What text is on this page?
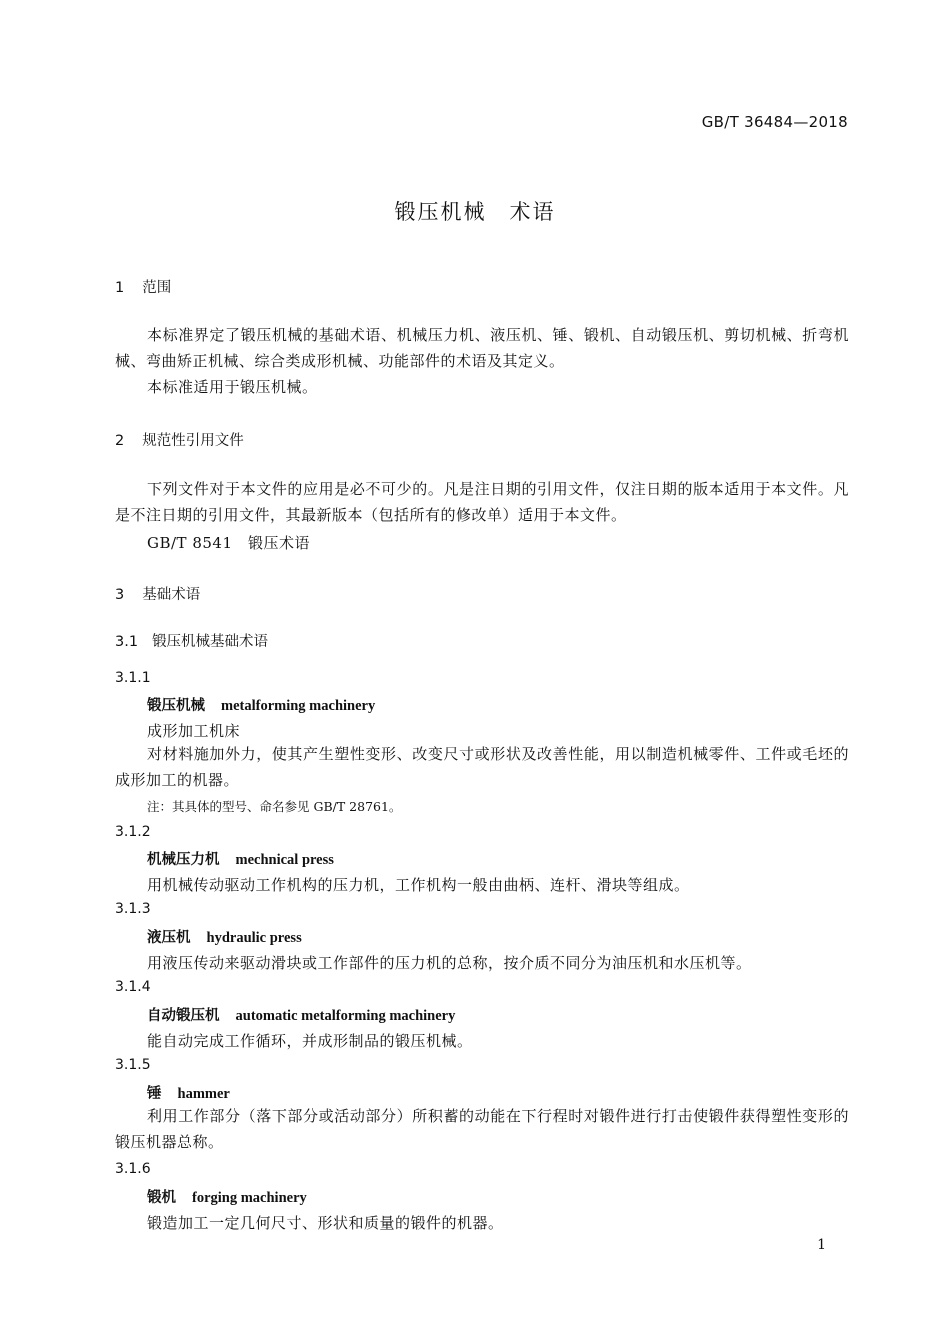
GB/T 36484—2018
锻压机械　术语
1 范围
本标准界定了锻压机械的基础术语、机械压力机、液压机、锤、锻机、自动锻压机、剪切机械、折弯机械、弯曲矫正机械、综合类成形机械、功能部件的术语及其定义。
本标准适用于锻压机械。
2 规范性引用文件
下列文件对于本文件的应用是必不可少的。凡是注日期的引用文件，仅注日期的版本适用于本文件。凡是不注日期的引用文件，其最新版本（包括所有的修改单）适用于本文件。
GB/T 8541　锻压术语
3 基础术语
3.1 锻压机械基础术语
3.1.1
锻压机械 metalforming machinery
成形加工机床
对材料施加外力，使其产生塑性变形、改变尺寸或形状及改善性能，用以制造机械零件、工件或毛坯的成形加工的机器。
注：其具体的型号、命名参见 GB/T 28761。
3.1.2
机械压力机 mechnical press
用机械传动驱动工作机构的压力机，工作机构一般由曲柄、连杆、滑块等组成。
3.1.3
液压机 hydraulic press
用液压传动来驱动滑块或工作部件的压力机的总称，按介质不同分为油压机和水压机等。
3.1.4
自动锻压机 automatic metalforming machinery
能自动完成工作循环，并成形制品的锻压机械。
3.1.5
锤 hammer
利用工作部分（落下部分或活动部分）所积蓄的动能在下行程时对锻件进行打击使锻件获得塑性变形的锻压机器总称。
3.1.6
锻机 forging machinery
锻造加工一定几何尺寸、形状和质量的锻件的机器。
1
